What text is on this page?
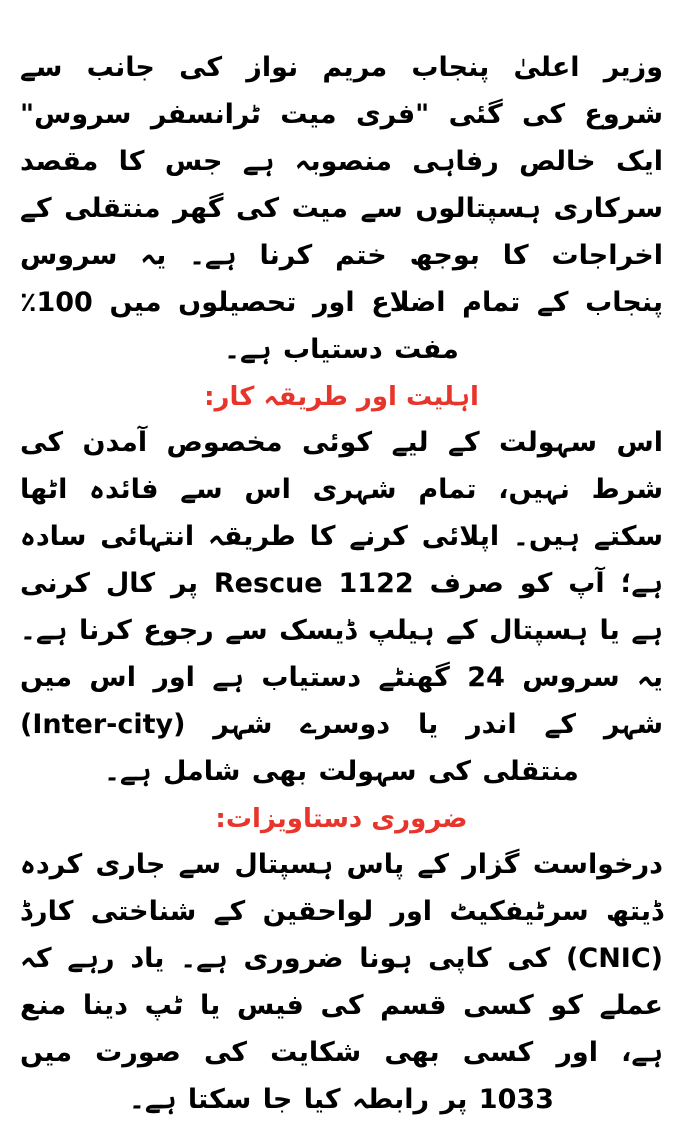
وزیر اعلیٰ پنجاب مریم نواز کی جانب سے شروع کی گئی "فری میت ٹرانسفر سروس" ایک خالص رفاہی منصوبہ ہے جس کا مقصد سرکاری ہسپتالوں سے میت کی گھر منتقلی کے اخراجات کا بوجھ ختم کرنا ہے۔ یہ سروس پنجاب کے تمام اضلاع اور تحصیلوں میں 100٪ مفت دستیاب ہے۔

اہلیت اور طریقہ کار:

اس سہولت کے لیے کوئی مخصوص آمدن کی شرط نہیں، تمام شہری اس سے فائدہ اٹھا سکتے ہیں۔ اپلائی کرنے کا طریقہ انتہائی سادہ ہے؛ آپ کو صرف Rescue 1122 پر کال کرنی ہے یا ہسپتال کے ہیلپ ڈیسک سے رجوع کرنا ہے۔ یہ سروس 24 گھنٹے دستیاب ہے اور اس میں شہر کے اندر یا دوسرے شہر (Inter-city) منتقلی کی سہولت بھی شامل ہے۔

ضروری دستاویزات:

درخواست گزار کے پاس ہسپتال سے جاری کردہ ڈیتھ سرٹیفکیٹ اور لواحقین کے شناختی کارڈ (CNIC) کی کاپی ہونا ضروری ہے۔ یاد رہے کہ عملے کو کسی قسم کی فیس یا ٹپ دینا منع ہے، اور کسی بھی شکایت کی صورت میں 1033 پر رابطہ کیا جا سکتا ہے۔
